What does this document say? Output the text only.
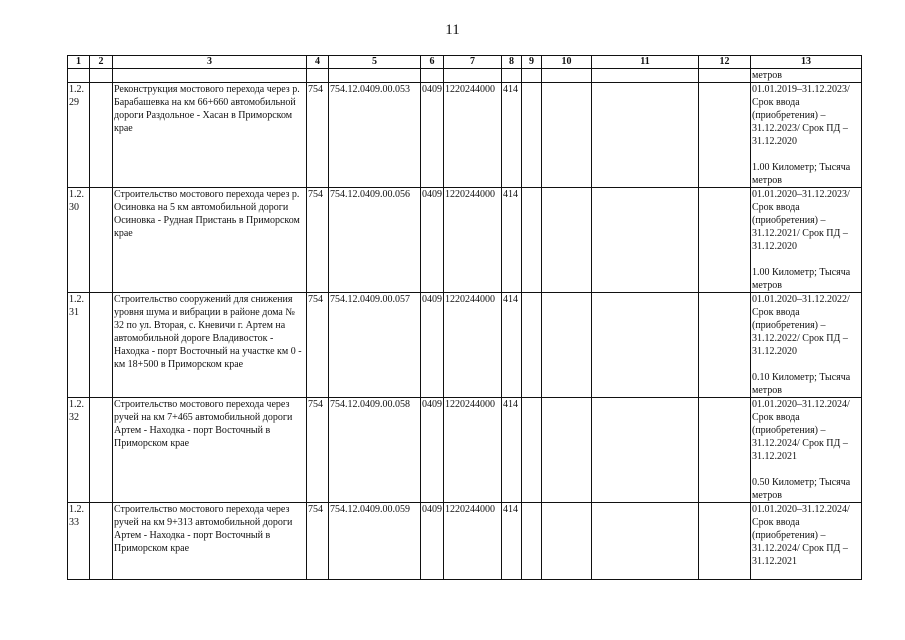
11
1	2	3	4	5	6	7	8	9	10	11	12	13
												метров
1.2.29		Реконструкция мостового перехода через р. Барабашевка на км 66+660 автомобильной дороги Раздольное - Хасан в Приморском крае	754	754.12.0409.00.053	0409	1220244000	414					01.01.2019–31.12.2023/ Срок ввода (приобретения) – 31.12.2023/ Срок ПД – 31.12.2020
1.00 Километр; Тысяча метров
1.2.30		Строительство мостового перехода через р. Осиновка на 5 км автомобильной дороги Осиновка - Рудная Пристань в Приморском крае	754	754.12.0409.00.056	0409	1220244000	414					01.01.2020–31.12.2023/ Срок ввода (приобретения) – 31.12.2021/ Срок ПД – 31.12.2020
1.00 Километр; Тысяча метров
1.2.31		Строительство сооружений для снижения уровня шума и вибрации в районе дома № 32 по ул. Вторая, с. Кневичи г. Артем на автомобильной дороге Владивосток - Находка - порт Восточный на участке км 0 - км 18+500 в Приморском крае	754	754.12.0409.00.057	0409	1220244000	414					01.01.2020–31.12.2022/ Срок ввода (приобретения) – 31.12.2022/ Срок ПД – 31.12.2020
0.10 Километр; Тысяча метров
1.2.32		Строительство мостового перехода через ручей на км 7+465 автомобильной дороги Артем - Находка - порт Восточный в Приморском крае	754	754.12.0409.00.058	0409	1220244000	414					01.01.2020–31.12.2024/ Срок ввода (приобретения) – 31.12.2024/ Срок ПД – 31.12.2021
0.50 Километр; Тысяча метров
1.2.33		Строительство мостового перехода через ручей на км 9+313 автомобильной дороги Артем - Находка - порт Восточный в Приморском крае	754	754.12.0409.00.059	0409	1220244000	414					01.01.2020–31.12.2024/ Срок ввода (приобретения) – 31.12.2024/ Срок ПД – 31.12.2021
